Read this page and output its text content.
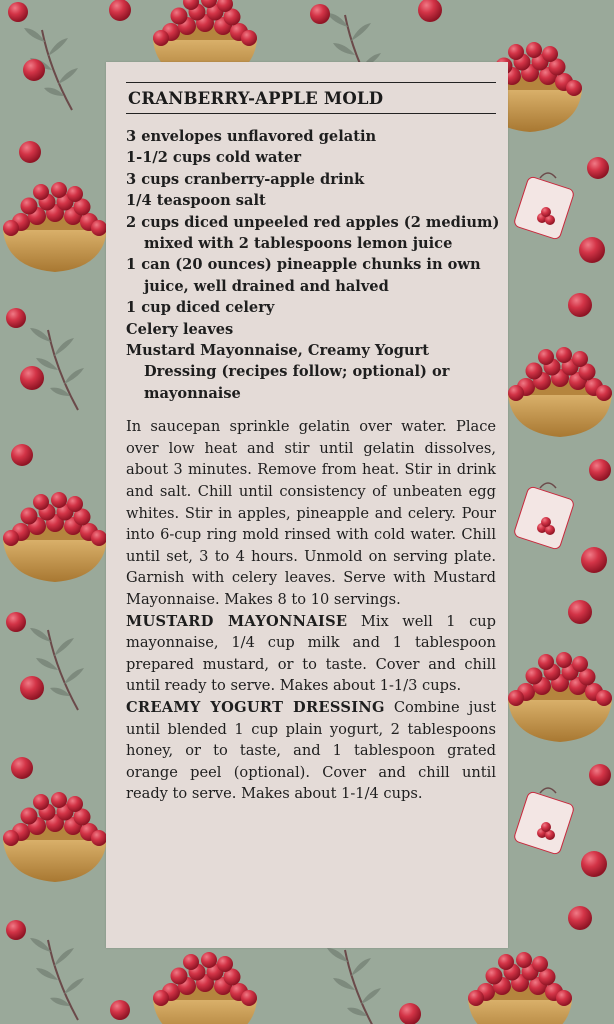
CRANBERRY-APPLE MOLD
3 envelopes unflavored gelatin
1-1/2 cups cold water
3 cups cranberry-apple drink
1/4 teaspoon salt
2 cups diced unpeeled red apples (2 medium) mixed with 2 tablespoons lemon juice
1 can (20 ounces) pineapple chunks in own juice, well drained and halved
1 cup diced celery
Celery leaves
Mustard Mayonnaise, Creamy Yogurt Dressing (recipes follow; optional) or mayonnaise

In saucepan sprinkle gelatin over water. Place over low heat and stir until gelatin dissolves, about 3 minutes. Remove from heat. Stir in drink and salt. Chill until consistency of unbeaten egg whites. Stir in apples, pineapple and celery. Pour into 6-cup ring mold rinsed with cold water. Chill until set, 3 to 4 hours. Unmold on serving plate. Garnish with celery leaves. Serve with Mustard Mayonnaise. Makes 8 to 10 servings.

MUSTARD MAYONNAISE Mix well 1 cup mayonnaise, 1/4 cup milk and 1 tablespoon prepared mustard, or to taste. Cover and chill until ready to serve. Makes about 1-1/3 cups.

CREAMY YOGURT DRESSING Combine just until blended 1 cup plain yogurt, 2 tablespoons honey, or to taste, and 1 tablespoon grated orange peel (optional). Cover and chill until ready to serve. Makes about 1-1/4 cups.
